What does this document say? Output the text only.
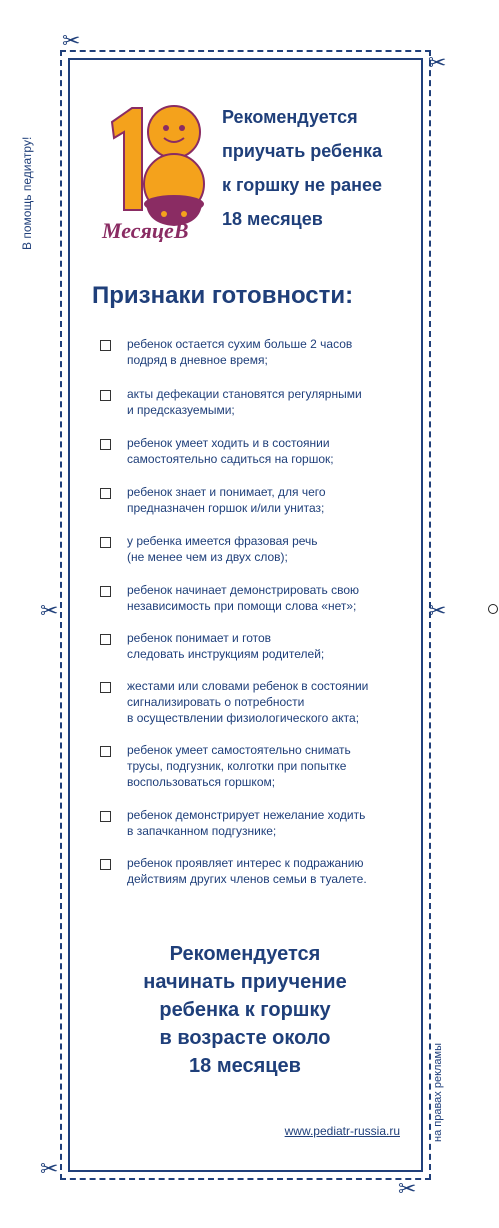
✂
✂
✂	✂
✂
✂
В помощь педиатру!
на правах рекламы
МесяцеВ
Рекомендуется
приучать ребенка
к горшку не ранее
18 месяцев
Признаки готовности:
ребенок остается сухим больше 2 часов
подряд в дневное время;
акты дефекации становятся регулярными
и предсказуемыми;
ребенок умеет ходить и в состоянии
самостоятельно садиться на горшок;
ребенок знает и понимает, для чего
предназначен горшок и/или унитаз;
у ребенка имеется фразовая речь
(не менее чем из двух слов);
ребенок начинает демонстрировать свою
независимость при помощи слова «нет»;
ребенок понимает и готов
следовать инструкциям родителей;
жестами или словами ребенок в состоянии
сигнализировать о потребности
в осуществлении физиологического акта;
ребенок умеет самостоятельно снимать
трусы, подгузник, колготки при попытке
воспользоваться горшком;
ребенок демонстрирует нежелание ходить
в запачканном подгузнике;
ребенок проявляет интерес к подражанию
действиям других членов семьи в туалете.
Рекомендуется
начинать приучение
ребенка к горшку
в возрасте около
18 месяцев
www.pediatr-russia.ru
